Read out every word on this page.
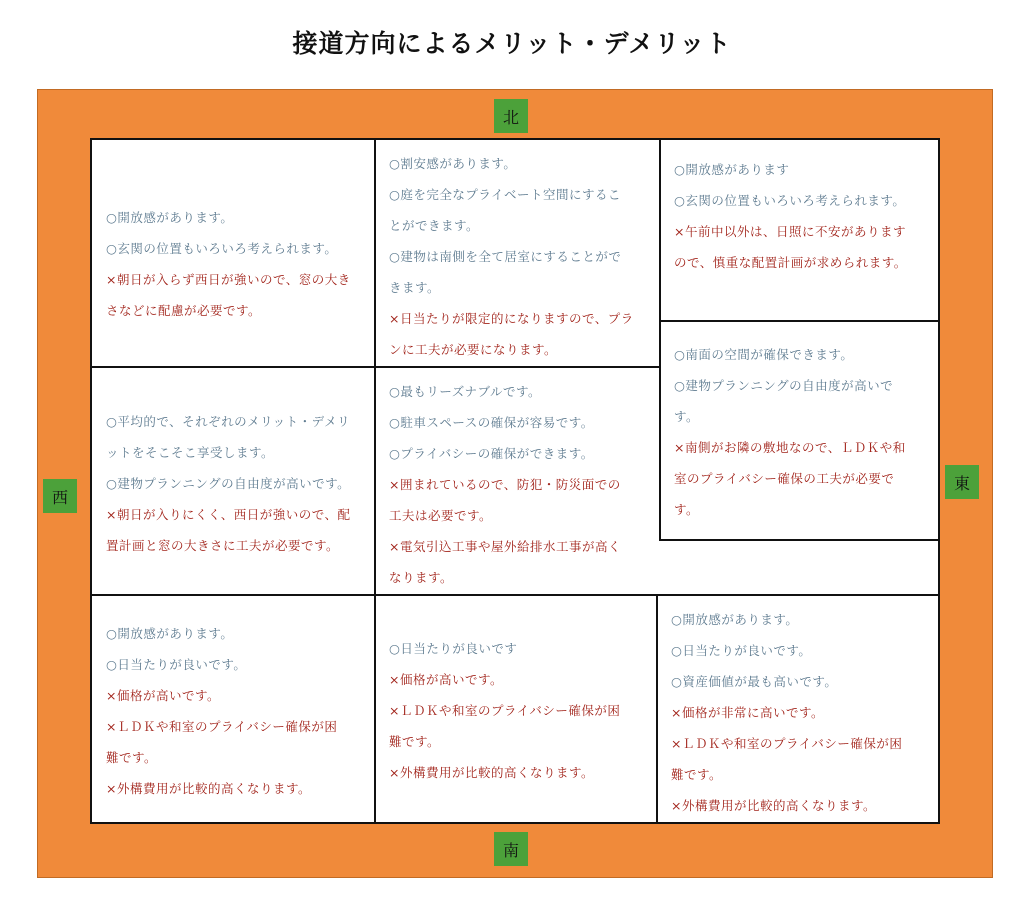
接道方向によるメリット・デメリット
北
南
西
東
○開放感があります。
○玄関の位置もいろいろ考えられます。
×朝日が入らず西日が強いので、窓の大き
さなどに配慮が必要です。
○割安感があります。
○庭を完全なプライベート空間にするこ
とができます。
○建物は南側を全て居室にすることがで
きます。
×日当たりが限定的になりますので、プラ
ンに工夫が必要になります。
○開放感があります
○玄関の位置もいろいろ考えられます。
×午前中以外は、日照に不安があります
ので、慎重な配置計画が求められます。
○平均的で、それぞれのメリット・デメリ
ットをそこそこ享受します。
○建物プランニングの自由度が高いです。
×朝日が入りにくく、西日が強いので、配
置計画と窓の大きさに工夫が必要です。
○最もリーズナブルです。
○駐車スペースの確保が容易です。
○プライバシーの確保ができます。
×囲まれているので、防犯・防災面での
工夫は必要です。
×電気引込工事や屋外給排水工事が高く
なります。
○南面の空間が確保できます。
○建物プランニングの自由度が高いで
す。
×南側がお隣の敷地なので、ＬＤＫや和
室のプライバシー確保の工夫が必要で
す。
○開放感があります。
○日当たりが良いです。
×価格が高いです。
×ＬＤＫや和室のプライバシー確保が困
難です。
×外構費用が比較的高くなります。
○日当たりが良いです
×価格が高いです。
×ＬＤＫや和室のプライバシー確保が困
難です。
×外構費用が比較的高くなります。
○開放感があります。
○日当たりが良いです。
○資産価値が最も高いです。
×価格が非常に高いです。
×ＬＤＫや和室のプライバシー確保が困
難です。
×外構費用が比較的高くなります。
